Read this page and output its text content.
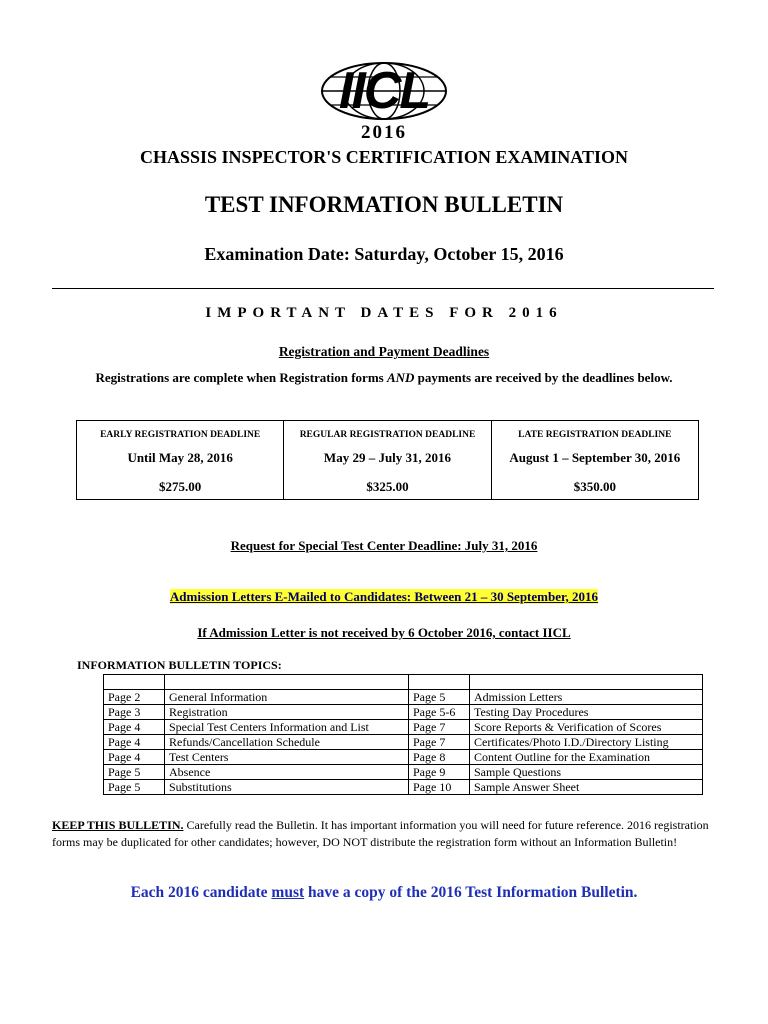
IICL
2016
CHASSIS INSPECTOR'S CERTIFICATION EXAMINATION
TEST INFORMATION BULLETIN
Examination Date: Saturday, October 15, 2016
IMPORTANT DATES FOR 2016
Registration and Payment Deadlines
Registrations are complete when Registration forms AND payments are received by the deadlines below.
EARLY REGISTRATION DEADLINE
Until May 28, 2016
$275.00
REGULAR REGISTRATION DEADLINE
May 29 – July 31, 2016
$325.00
LATE REGISTRATION DEADLINE
August 1 – September 30, 2016
$350.00
Request for Special Test Center Deadline: July 31, 2016
Admission Letters E-Mailed to Candidates: Between 21 – 30 September, 2016
If Admission Letter is not received by 6 October 2016, contact IICL
INFORMATION BULLETIN TOPICS:

Page 2	General Information	Page 5	Admission Letters
Page 3	Registration	Page 5-6	Testing Day Procedures
Page 4	Special Test Centers Information and List	Page 7	Score Reports & Verification of Scores
Page 4	Refunds/Cancellation Schedule	Page 7	Certificates/Photo I.D./Directory Listing
Page 4	Test Centers	Page 8	Content Outline for the Examination
Page 5	Absence	Page 9	Sample Questions
Page 5	Substitutions	Page 10	Sample Answer Sheet
KEEP THIS BULLETIN. Carefully read the Bulletin. It has important information you will need for future reference. 2016 registration forms may be duplicated for other candidates; however, DO NOT distribute the registration form without an Information Bulletin!
Each 2016 candidate must have a copy of the 2016 Test Information Bulletin.
